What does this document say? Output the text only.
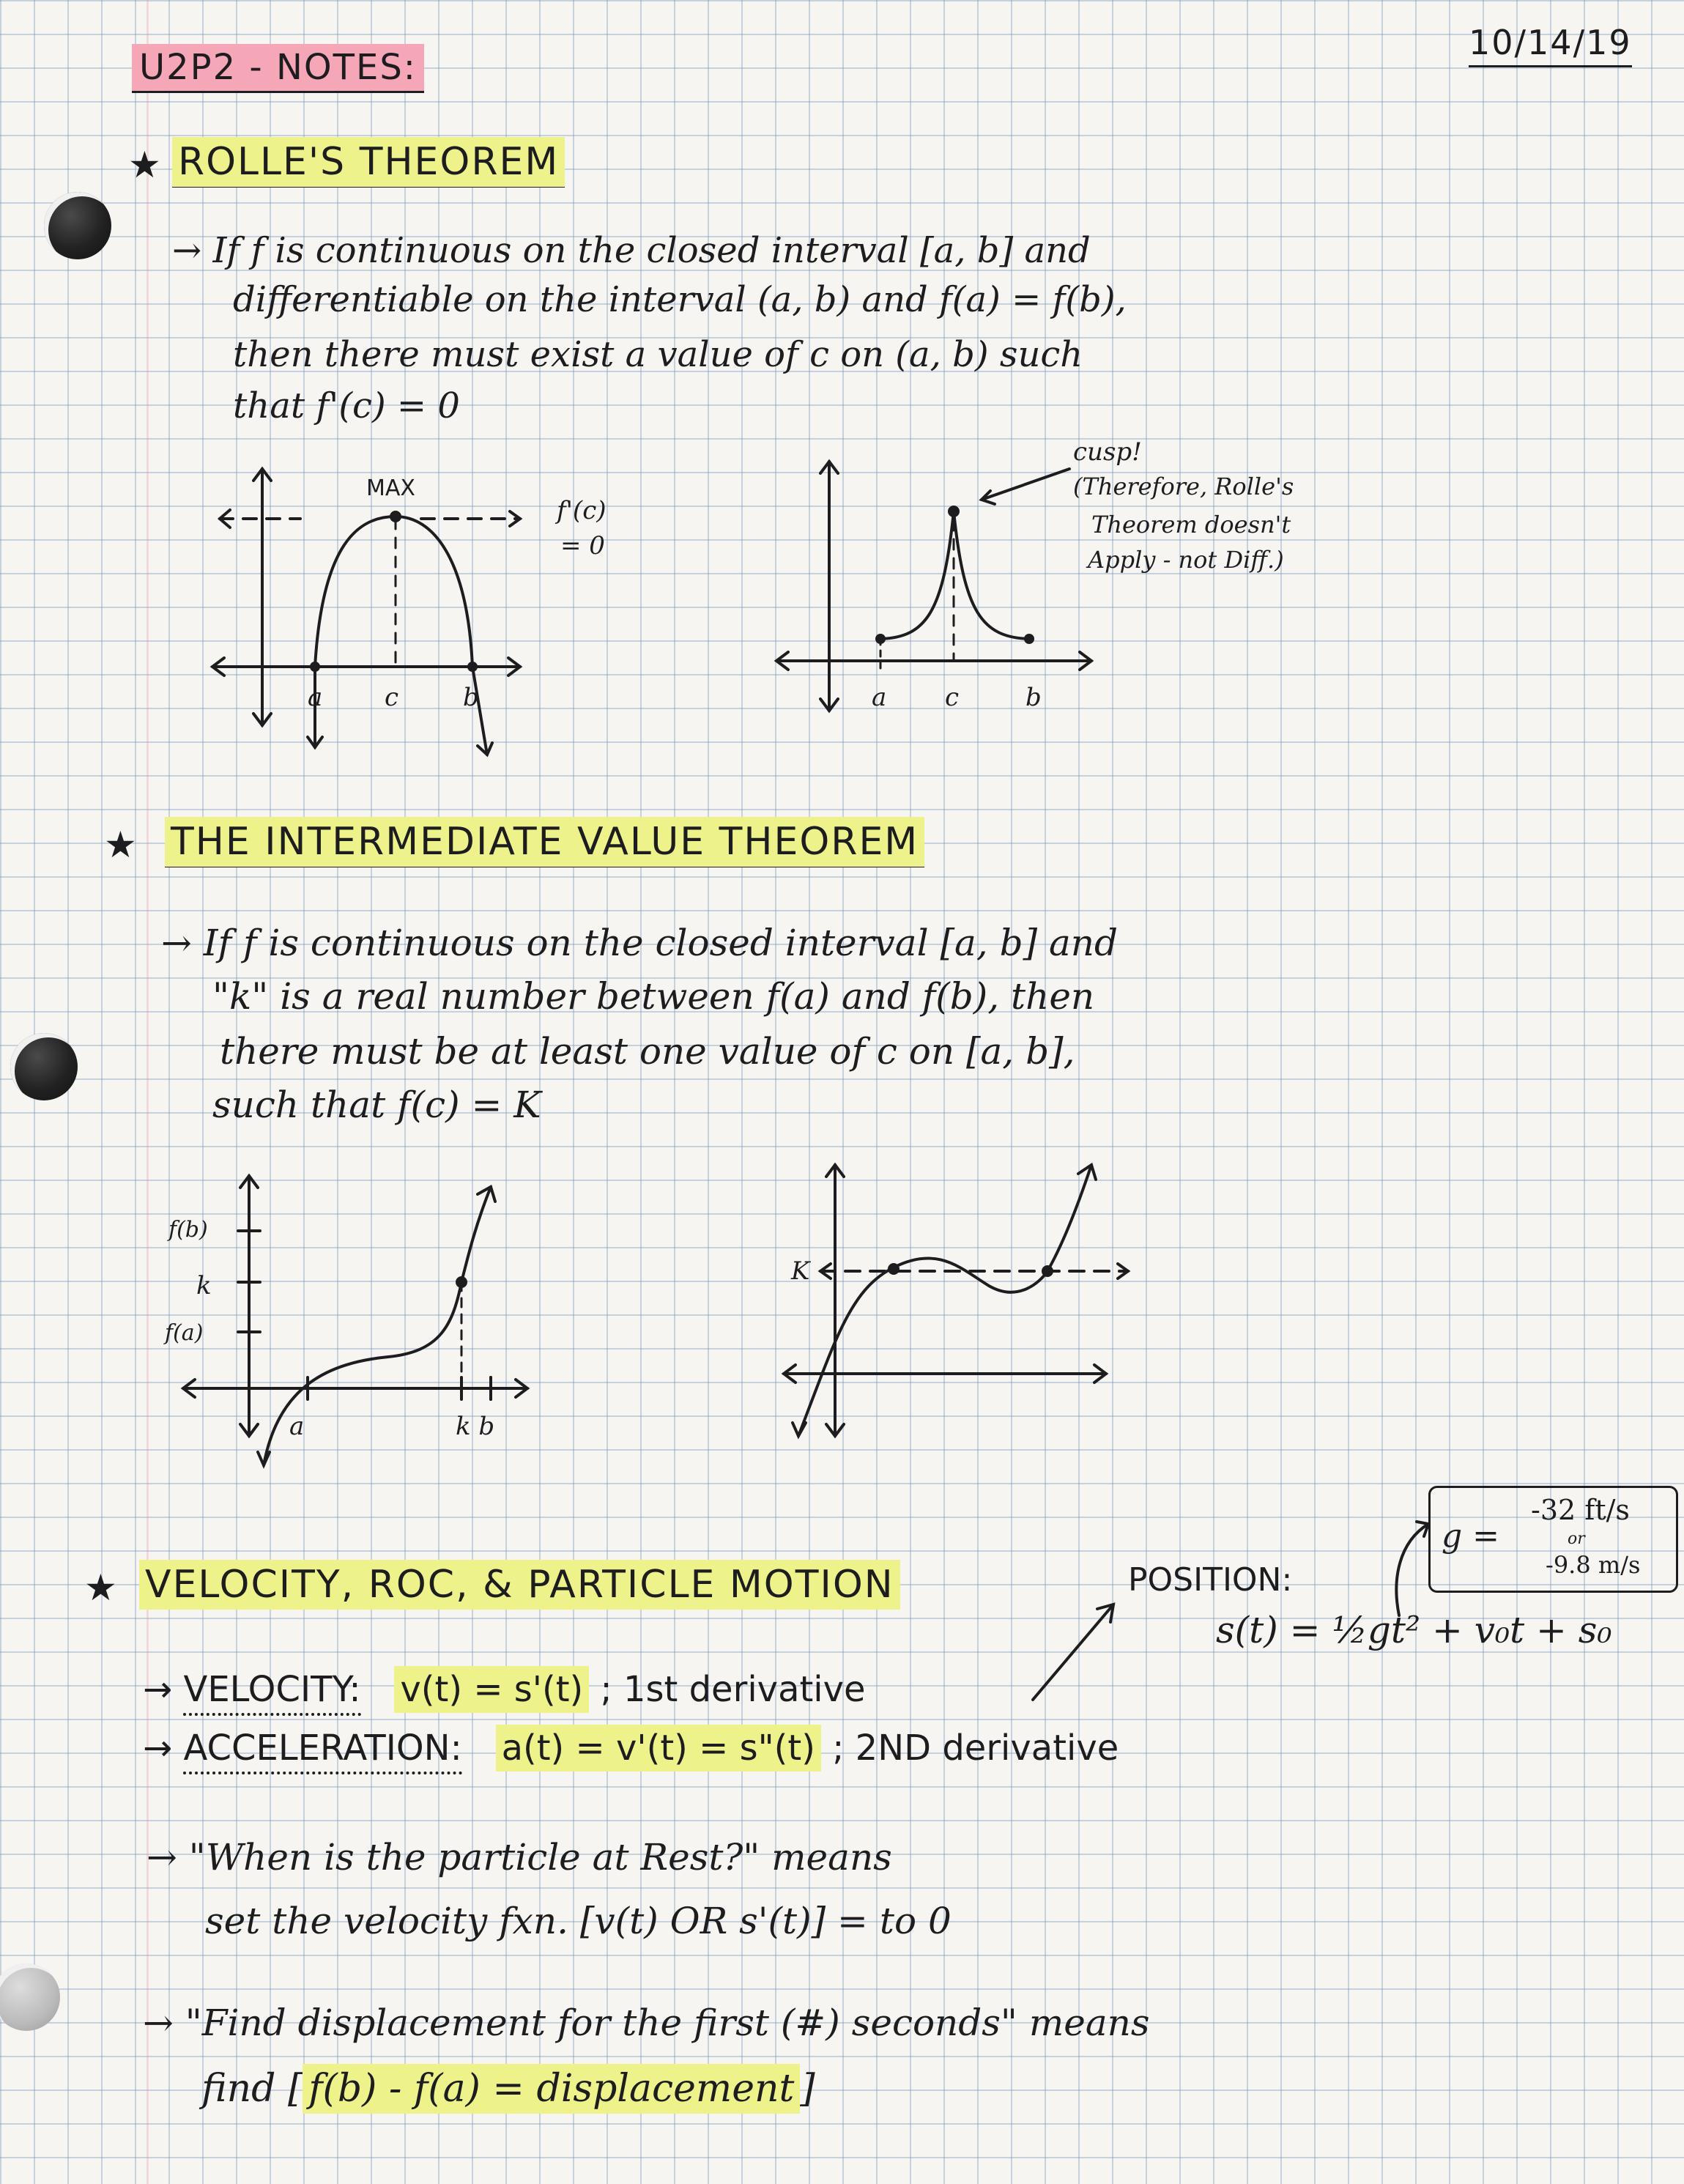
U2P2 - NOTES:
10/14/19
★ ROLLE'S THEOREM
→ If f is continuous on the closed interval [a, b] and
differentiable on the interval (a, b) and f(a) = f(b),
then there must exist a value of c on (a, b) such
that f'(c) = 0
MAX
f'(c)
= 0
a c	b
cusp!
(Therefore, Rolle's
Theorem doesn't
Apply - not Diff.)
a c	b
★ THE INTERMEDIATE VALUE THEOREM
→ If f is continuous on the closed interval [a, b] and
"k" is a real number between f(a) and f(b), then
there must be at least one value of c on [a, b],
such that f(c) = K
f(b)
k
f(a)
a	k b
K
★ VELOCITY, ROC, & PARTICLE MOTION	POSITION:
s(t) = ½gt² + v₀t + s₀
g =
-32 ft/s
or
-9.8 m/s
→ VELOCITY: v(t) = s'(t) ; 1st derivative
→ ACCELERATION: a(t) = v'(t) = s"(t) ; 2ND derivative
→ "When is the particle at Rest?" means
set the velocity fxn. [v(t) OR s'(t)] = to 0
→ "Find displacement for the first (#) seconds" means
find [ f(b) - f(a) = displacement ]
